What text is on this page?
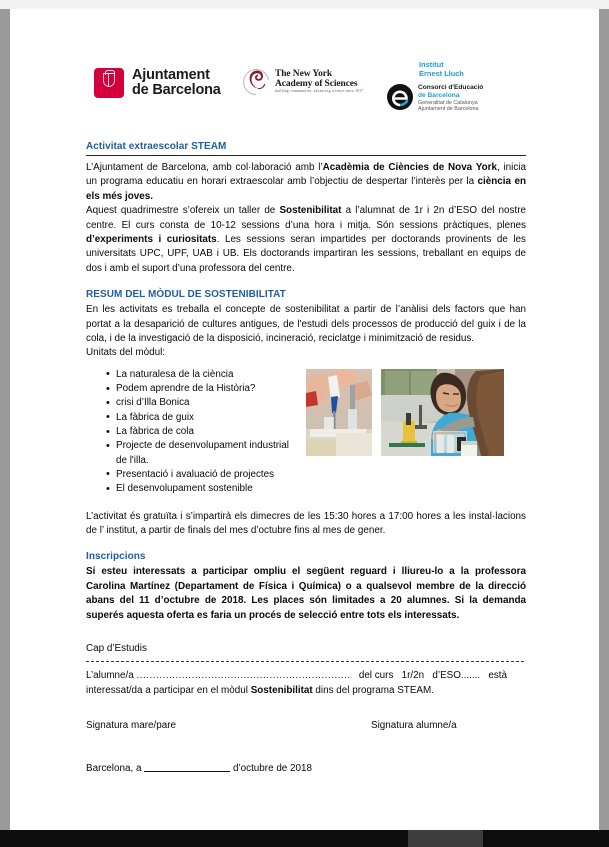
Ajuntament
de Barcelona
The New York
Academy of Sciences
building communities, advancing science since 1817
Institut
Ernest Lluch
Consorci d'Educació
de Barcelona
Generalitat de Catalunya
Ajuntament de Barcelona
Activitat extraescolar STEAM

L’Ajuntament de Barcelona, amb col·laboració amb l’Acadèmia de Ciències de Nova York, inicia un programa educatiu en horari extraescolar amb l’objectiu de despertar l’interès per la ciència en els més joves.

Aquest quadrimestre s’ofereix un taller de Sostenibilitat a l’alumnat de 1r i 2n d’ESO del nostre centre. El curs consta de 10-12 sessions d’una hora i mitja. Són sessions pràctiques, plenes d’experiments i curiositats. Les sessions seran impartides per doctorands provinents de les universitats UPC, UPF, UAB i UB. Els doctorands impartiran les sessions, treballant en equips de dos i amb el suport d’una professora del centre.

RESUM DEL MÒDUL DE SOSTENIBILITAT

En les activitats es treballa el concepte de sostenibilitat a partir de l’anàlisi dels factors que han portat a la desaparició de cultures antigues, de l'estudi dels processos de producció del guix i de la cola, i de la investigació de la disposició, incineració, reciclatge i minimització de residus.

Unitats del mòdul:

• La naturalesa de la ciència
• Podem aprendre de la Història?
• crisi d’Illa Bonica
• La fàbrica de guix
• La fàbrica de cola
• Projecte de desenvolupament industrial de l'illa.
• Presentació i avaluació de projectes
• El desenvolupament sostenible

L’activitat és gratuïta i s’impartirà els dimecres de les 15:30 hores a 17:00 hores a les instal·lacions de l’ institut, a partir de finals del mes d’octubre fins al mes de gener.

Inscripcions

Si esteu interessats a participar ompliu el següent reguard i lliureu-lo a la professora Carolina Martínez (Departament de Física i Química) o a qualsevol membre de la direcció abans del 11 d’octubre de 2018. Les places són limitades a 20 alumnes. Si la demanda superés aquesta oferta es faria un procés de selecció entre tots els interessats.

Cap d’Estudis

L’alumne/a .................................................................. del curs 1r/2n d’ESO....... està

interessat/da a participar en el mòdul Sostenibilitat dins del programa STEAM.

Signatura mare/pare	Signatura alumne/a

Barcelona, a	d’octubre de 2018
